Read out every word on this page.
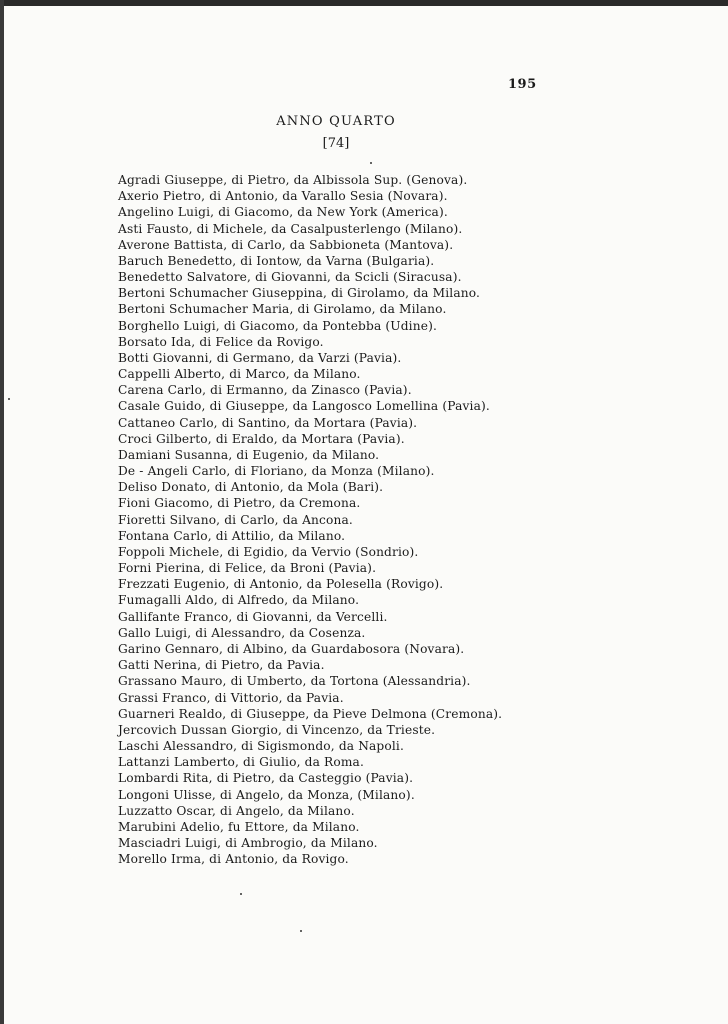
195
ANNO QUARTO
[74]
Agradi Giuseppe, di Pietro, da Albissola Sup. (Genova).
Axerio Pietro, di Antonio, da Varallo Sesia (Novara).
Angelino Luigi, di Giacomo, da New York (America).
Asti Fausto, di Michele, da Casalpusterlengo (Milano).
Averone Battista, di Carlo, da Sabbioneta (Mantova).
Baruch Benedetto, di Iontow, da Varna (Bulgaria).
Benedetto Salvatore, di Giovanni, da Scicli (Siracusa).
Bertoni Schumacher Giuseppina, di Girolamo, da Milano.
Bertoni Schumacher Maria, di Girolamo, da Milano.
Borghello Luigi, di Giacomo, da Pontebba (Udine).
Borsato Ida, di Felice da Rovigo.
Botti Giovanni, di Germano, da Varzi (Pavia).
Cappelli Alberto, di Marco, da Milano.
Carena Carlo, di Ermanno, da Zinasco (Pavia).
Casale Guido, di Giuseppe, da Langosco Lomellina (Pavia).
Cattaneo Carlo, di Santino, da Mortara (Pavia).
Croci Gilberto, di Eraldo, da Mortara (Pavia).
Damiani Susanna, di Eugenio, da Milano.
De - Angeli Carlo, di Floriano, da Monza (Milano).
Deliso Donato, di Antonio, da Mola (Bari).
Fioni Giacomo, di Pietro, da Cremona.
Fioretti Silvano, di Carlo, da Ancona.
Fontana Carlo, di Attilio, da Milano.
Foppoli Michele, di Egidio, da Vervio (Sondrio).
Forni Pierina, di Felice, da Broni (Pavia).
Frezzati Eugenio, di Antonio, da Polesella (Rovigo).
Fumagalli Aldo, di Alfredo, da Milano.
Gallifante Franco, di Giovanni, da Vercelli.
Gallo Luigi, di Alessandro, da Cosenza.
Garino Gennaro, di Albino, da Guardabosora (Novara).
Gatti Nerina, di Pietro, da Pavia.
Grassano Mauro, di Umberto, da Tortona (Alessandria).
Grassi Franco, di Vittorio, da Pavia.
Guarneri Realdo, di Giuseppe, da Pieve Delmona (Cremona).
Jercovich Dussan Giorgio, di Vincenzo, da Trieste.
Laschi Alessandro, di Sigismondo, da Napoli.
Lattanzi Lamberto, di Giulio, da Roma.
Lombardi Rita, di Pietro, da Casteggio (Pavia).
Longoni Ulisse, di Angelo, da Monza, (Milano).
Luzzatto Oscar, di Angelo, da Milano.
Marubini Adelio, fu Ettore, da Milano.
Masciadri Luigi, di Ambrogio, da Milano.
Morello Irma, di Antonio, da Rovigo.
